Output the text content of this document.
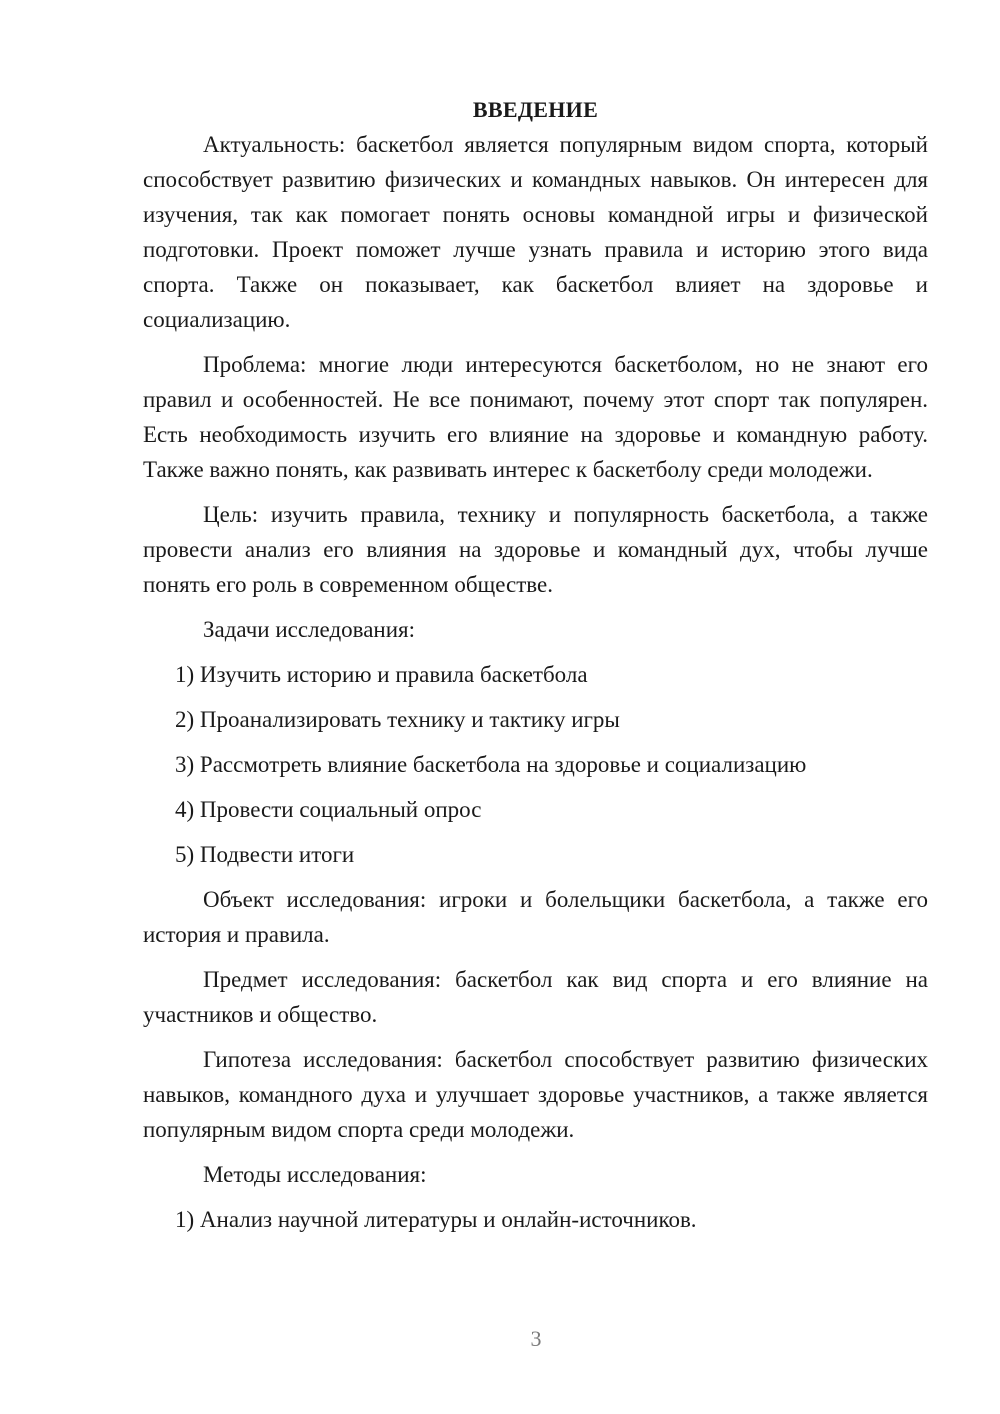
ВВЕДЕНИЕ

Актуальность: баскетбол является популярным видом спорта, который способствует развитию физических и командных навыков. Он интересен для изучения, так как помогает понять основы командной игры и физической подготовки. Проект поможет лучше узнать правила и историю этого вида спорта. Также он показывает, как баскетбол влияет на здоровье и социализацию.

Проблема: многие люди интересуются баскетболом, но не знают его правил и особенностей. Не все понимают, почему этот спорт так популярен. Есть необходимость изучить его влияние на здоровье и командную работу. Также важно понять, как развивать интерес к баскетболу среди молодежи.

Цель: изучить правила, технику и популярность баскетбола, а также провести анализ его влияния на здоровье и командный дух, чтобы лучше понять его роль в современном обществе.

Задачи исследования:

1) Изучить историю и правила баскетбола

2) Проанализировать технику и тактику игры

3) Рассмотреть влияние баскетбола на здоровье и социализацию

4) Провести социальный опрос

5) Подвести итоги

Объект исследования: игроки и болельщики баскетбола, а также его история и правила.

Предмет исследования: баскетбол как вид спорта и его влияние на участников и общество.

Гипотеза исследования: баскетбол способствует развитию физических навыков, командного духа и улучшает здоровье участников, а также является популярным видом спорта среди молодежи.

Методы исследования:

1) Анализ научной литературы и онлайн-источников.

3
